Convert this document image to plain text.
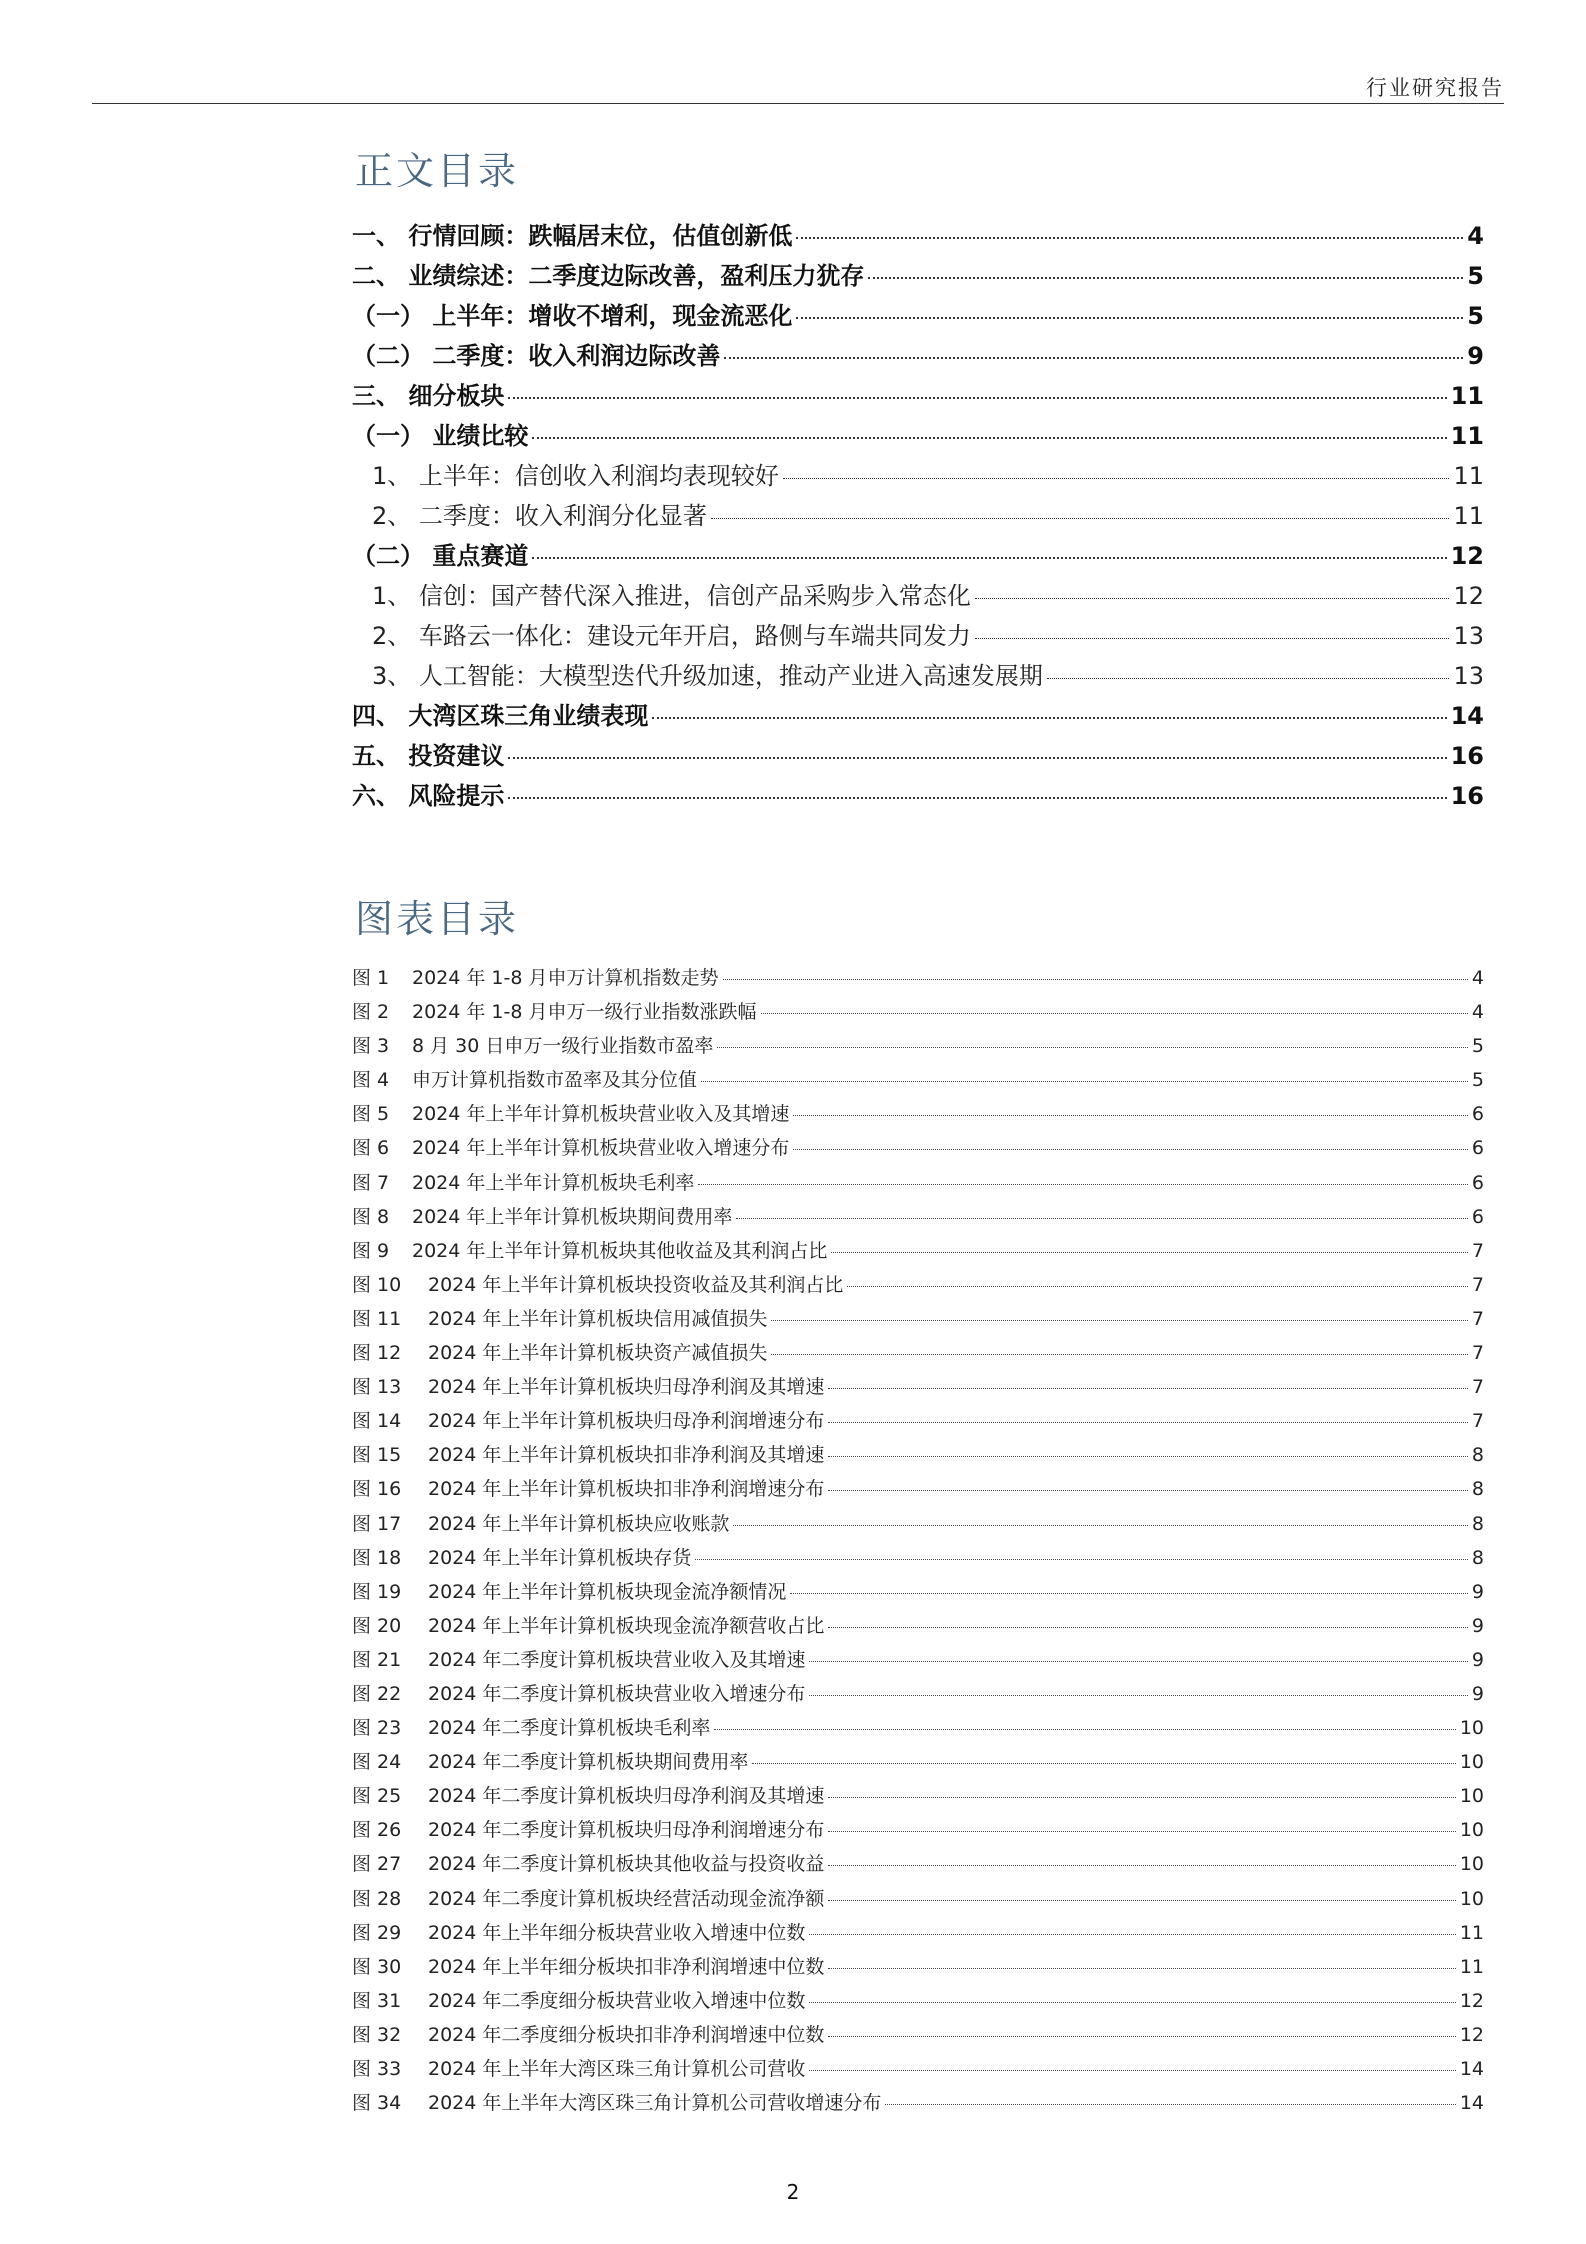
行业研究报告
正文目录
一、 行情回顾：跌幅居末位，估值创新低	4
二、 业绩综述：二季度边际改善，盈利压力犹存	5
（一） 上半年：增收不增利，现金流恶化	5
（二） 二季度：收入利润边际改善	9
三、 细分板块	11
（一） 业绩比较	11
1、 上半年：信创收入利润均表现较好	11
2、 二季度：收入利润分化显著	11
（二） 重点赛道	12
1、 信创：国产替代深入推进，信创产品采购步入常态化	12
2、 车路云一体化：建设元年开启，路侧与车端共同发力	13
3、 人工智能：大模型迭代升级加速，推动产业进入高速发展期	13
四、 大湾区珠三角业绩表现	14
五、 投资建议	16
六、 风险提示	16
图表目录
图 1 2024 年 1-8 月申万计算机指数走势	4
图 2 2024 年 1-8 月申万一级行业指数涨跌幅	4
图 3 8 月 30 日申万一级行业指数市盈率	5
图 4 申万计算机指数市盈率及其分位值	5
图 5 2024 年上半年计算机板块营业收入及其增速	6
图 6 2024 年上半年计算机板块营业收入增速分布	6
图 7 2024 年上半年计算机板块毛利率	6
图 8 2024 年上半年计算机板块期间费用率	6
图 9 2024 年上半年计算机板块其他收益及其利润占比	7
图 10 2024 年上半年计算机板块投资收益及其利润占比	7
图 11 2024 年上半年计算机板块信用减值损失	7
图 12 2024 年上半年计算机板块资产减值损失	7
图 13 2024 年上半年计算机板块归母净利润及其增速	7
图 14 2024 年上半年计算机板块归母净利润增速分布	7
图 15 2024 年上半年计算机板块扣非净利润及其增速	8
图 16 2024 年上半年计算机板块扣非净利润增速分布	8
图 17 2024 年上半年计算机板块应收账款	8
图 18 2024 年上半年计算机板块存货	8
图 19 2024 年上半年计算机板块现金流净额情况	9
图 20 2024 年上半年计算机板块现金流净额营收占比	9
图 21 2024 年二季度计算机板块营业收入及其增速	9
图 22 2024 年二季度计算机板块营业收入增速分布	9
图 23 2024 年二季度计算机板块毛利率	10
图 24 2024 年二季度计算机板块期间费用率	10
图 25 2024 年二季度计算机板块归母净利润及其增速	10
图 26 2024 年二季度计算机板块归母净利润增速分布	10
图 27 2024 年二季度计算机板块其他收益与投资收益	10
图 28 2024 年二季度计算机板块经营活动现金流净额	10
图 29 2024 年上半年细分板块营业收入增速中位数	11
图 30 2024 年上半年细分板块扣非净利润增速中位数	11
图 31 2024 年二季度细分板块营业收入增速中位数	12
图 32 2024 年二季度细分板块扣非净利润增速中位数	12
图 33 2024 年上半年大湾区珠三角计算机公司营收	14
图 34 2024 年上半年大湾区珠三角计算机公司营收增速分布	14
2
